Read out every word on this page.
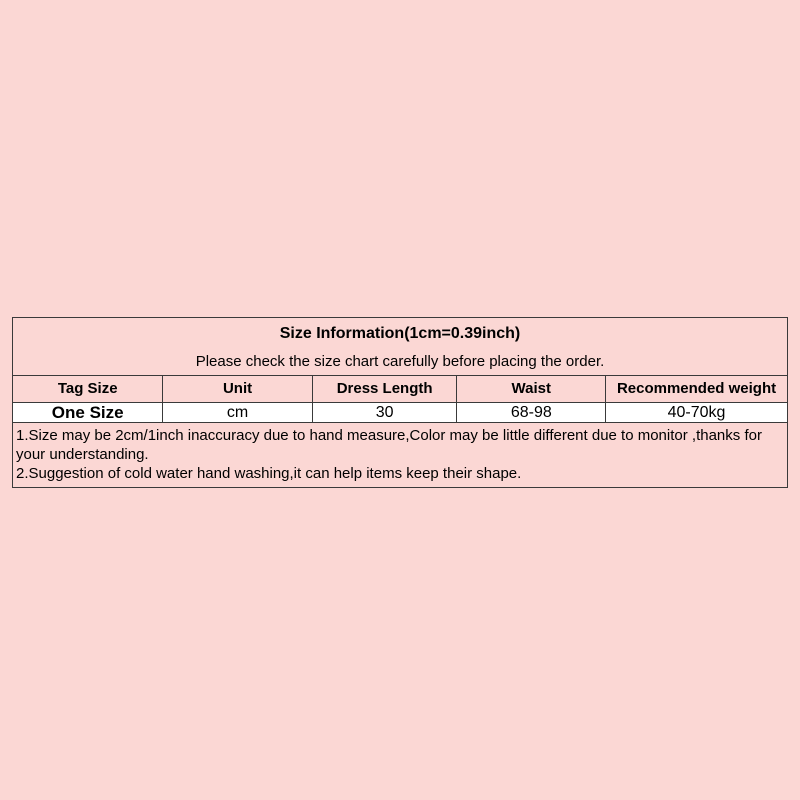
Size Information(1cm=0.39inch)
Please check the size chart carefully before placing the order.
Tag Size	Unit	Dress Length	Waist	Recommended weight
One Size	cm	30	68-98	40-70kg
1.Size may be 2cm/1inch inaccuracy due to hand measure,Color may be little different due to monitor ,thanks for your understanding.
2.Suggestion of cold water hand washing,it can help items keep their shape.
